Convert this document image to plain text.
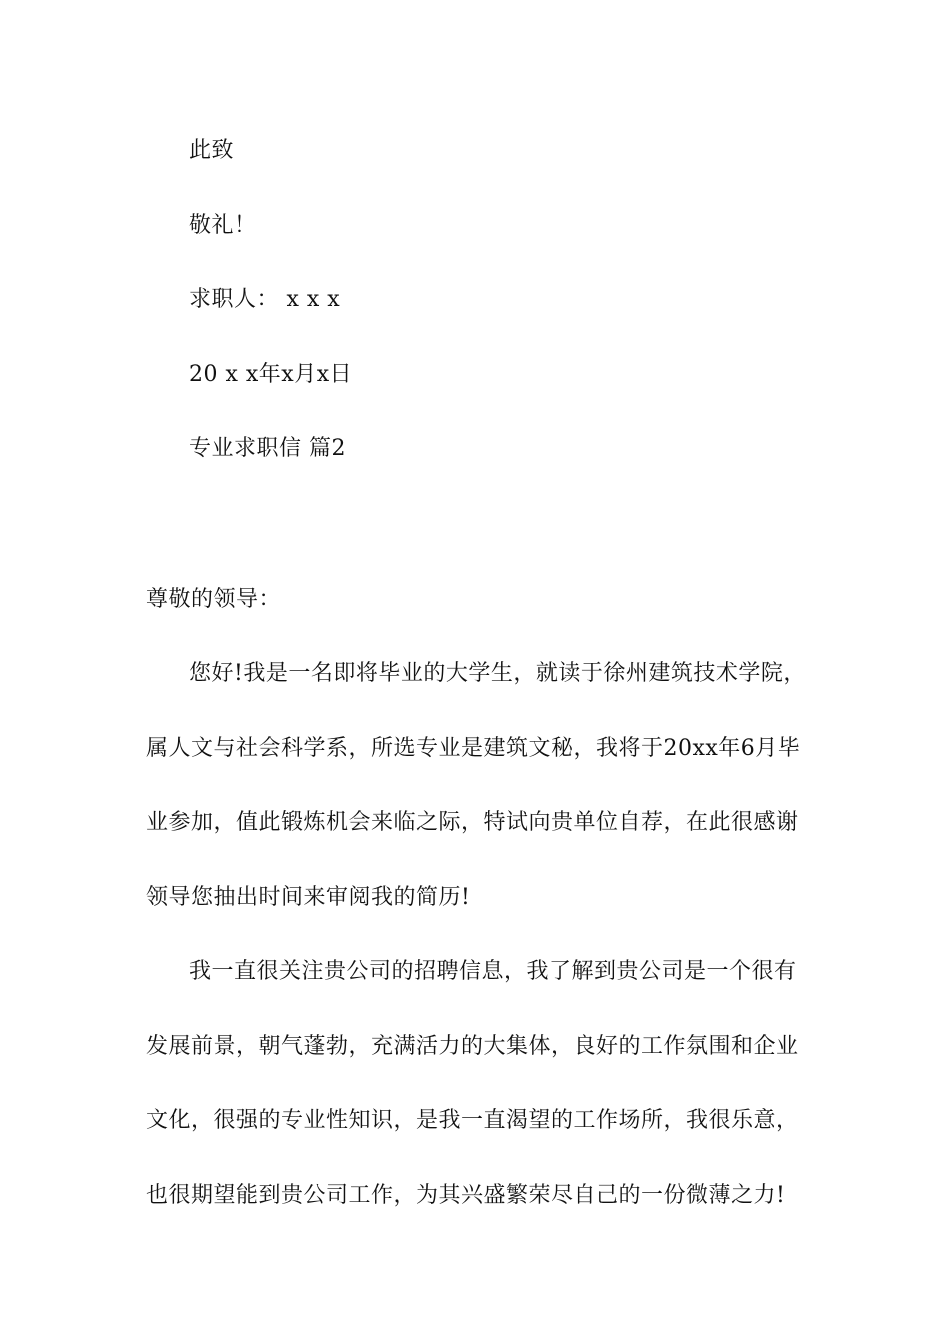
此致
敬礼！
求职人： x x x
20 x x年x月x日
专业求职信 篇2
尊敬的领导：
您好!我是一名即将毕业的大学生，就读于徐州建筑技术学院，
属人文与社会科学系，所选专业是建筑文秘，我将于20xx年6月毕
业参加，值此锻炼机会来临之际，特试向贵单位自荐，在此很感谢
领导您抽出时间来审阅我的简历!
我一直很关注贵公司的招聘信息，我了解到贵公司是一个很有
发展前景，朝气蓬勃，充满活力的大集体，良好的工作氛围和企业
文化，很强的专业性知识，是我一直渴望的工作场所，我很乐意，
也很期望能到贵公司工作，为其兴盛繁荣尽自己的一份微薄之力!
